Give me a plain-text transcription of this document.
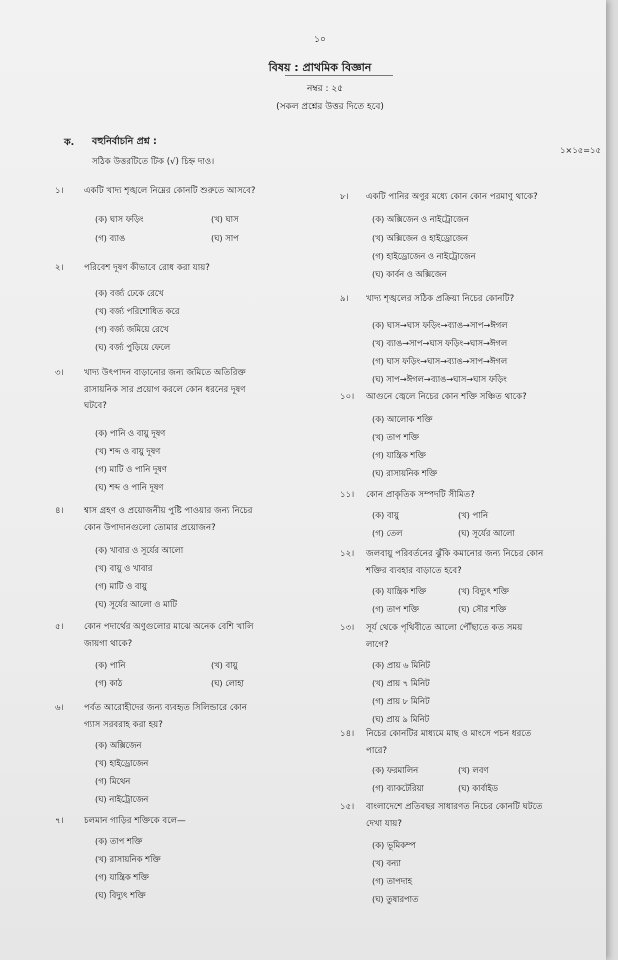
১০
বিষয় : প্রাথমিক বিজ্ঞান
নম্বর : ২৫
(সকল প্রশ্নের উত্তর দিতে হবে)
ক. বহুনির্বাচনি প্রশ্ন :
সঠিক উত্তরটিতে টিক (√) চিহ্ন দাও।
১×১৫=১৫
১। একটি খাদ্য শৃঙ্খলে নিম্নের কোনটি শুরুতে আসবে?
(ক) ঘাস ফড়িং	(খ) ঘাস
(গ) ব্যাঙ	(ঘ) সাপ
২। পরিবেশ দূষণ কীভাবে রোধ করা যায়?
(ক) বর্জ্য ঢেকে রেখে
(খ) বর্জ্য পরিশোধিত করে
(গ) বর্জ্য জমিয়ে রেখে
(ঘ) বর্জ্য পুড়িয়ে ফেলে
৩। খাদ্য উৎপাদন বাড়ানোর জন্য জমিতে অতিরিক্ত
রাসায়নিক সার প্রয়োগ করলে কোন ধরনের দূষণ
ঘটবে?
(ক) পানি ও বায়ু দূষণ
(খ) শব্দ ও বায়ু দূষণ
(গ) মাটি ও পানি দূষণ
(ঘ) শব্দ ও পানি দূষণ
৪। শ্বাস গ্রহণ ও প্রয়োজনীয় পুষ্টি পাওয়ার জন্য নিচের
কোন উপাদানগুলো তোমার প্রয়োজন?
(ক) খাবার ও সূর্যের আলো
(খ) বায়ু ও খাবার
(গ) মাটি ও বায়ু
(ঘ) সূর্যের আলো ও মাটি
৫। কোন পদার্থের অণুগুলোর মাঝে অনেক বেশি খালি
জায়গা থাকে?
(ক) পানি	(খ) বায়ু
(গ) কাঠ	(ঘ) লোহা
৬। পর্বত আরোহীদের জন্য ব্যবহৃত সিলিন্ডারে কোন
গ্যাস সরবরাহ করা হয়?
(ক) অক্সিজেন
(খ) হাইড্রোজেন
(গ) মিথেন
(ঘ) নাইট্রোজেন
৭। চলমান গাড়ির শক্তিকে বলে—
(ক) তাপ শক্তি
(খ) রাসায়নিক শক্তি
(গ) যান্ত্রিক শক্তি
(ঘ) বিদ্যুৎ শক্তি
৮। একটি পানির অণুর মধ্যে কোন কোন পরমাণু থাকে?
(ক) অক্সিজেন ও নাইট্রোজেন
(খ) অক্সিজেন ও হাইড্রোজেন
(গ) হাইড্রোজেন ও নাইট্রোজেন
(ঘ) কার্বন ও অক্সিজেন
৯। খাদ্য শৃঙ্খলের সঠিক প্রক্রিয়া নিচের কোনটি?
(ক) ঘাস→ঘাস ফড়িং→ব্যাঙ→সাপ→ঈগল
(খ) ব্যাঙ→সাপ→ঘাস ফড়িং→ঘাস→ঈগল
(গ) ঘাস ফড়িং→ঘাস→ব্যাঙ→সাপ→ঈগল
(ঘ) সাপ→ঈগল→ব্যাঙ→ঘাস→ঘাস ফড়িং
১০। আগুনে জ্বেলে নিচের কোন শক্তি সঞ্চিত থাকে?
(ক) আলোক শক্তি
(খ) তাপ শক্তি
(গ) যান্ত্রিক শক্তি
(ঘ) রাসায়নিক শক্তি
১১। কোন প্রাকৃতিক সম্পদটি সীমিত?
(ক) বায়ু	(খ) পানি
(গ) তেল	(ঘ) সূর্যের আলো
১২। জলবায়ু পরিবর্তনের ঝুঁকি কমানোর জন্য নিচের কোন
শক্তির ব্যবহার বাড়াতে হবে?
(ক) যান্ত্রিক শক্তি	(খ) বিদ্যুৎ শক্তি
(গ) তাপ শক্তি	(ঘ) সৌর শক্তি
১৩। সূর্য থেকে পৃথিবীতে আলো পৌঁছাতে কত সময়
লাগে?
(ক) প্রায় ৬ মিনিট
(খ) প্রায় ৭ মিনিট
(গ) প্রায় ৮ মিনিট
(ঘ) প্রায় ৯ মিনিট
১৪। নিচের কোনটির মাধ্যমে মাছ ও মাংসে পচন ধরতে
পারে?
(ক) ফরমালিন	(খ) লবণ
(গ) ব্যাকটেরিয়া	(ঘ) কার্বাইড
১৫। বাংলাদেশে প্রতিবছর সাধারণত নিচের কোনটি ঘটতে
দেখা যায়?
(ক) ভূমিকম্প
(খ) বন্যা
(গ) তাপদাহ
(ঘ) তুষারপাত
